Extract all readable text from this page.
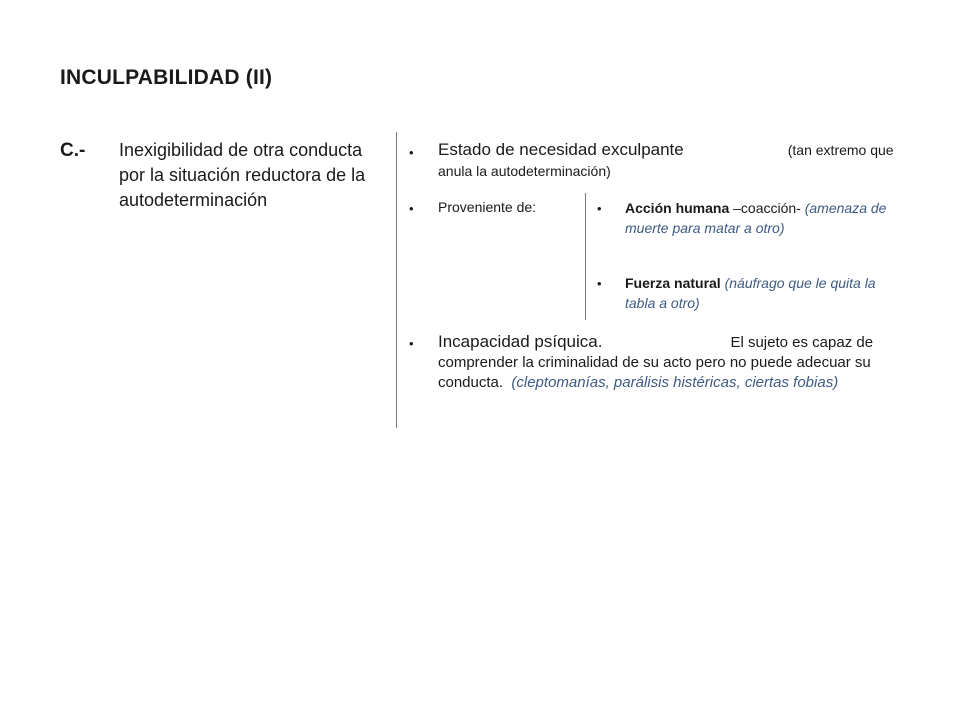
INCULPABILIDAD (II)
C.- Inexigibilidad de otra conducta por la situación reductora de la autodeterminación
• Estado de necesidad exculpante	(tan extremo que anula la autodeterminación)
• Proveniente de:	• Acción humana –coacción- (amenaza de muerte para matar a otro)
• Fuerza natural (náufrago que le quita la tabla a otro)
• Incapacidad psíquica.	El sujeto es capaz de comprender la criminalidad de su acto pero no puede adecuar su conducta. (cleptomanías, parálisis histéricas, ciertas fobias)
